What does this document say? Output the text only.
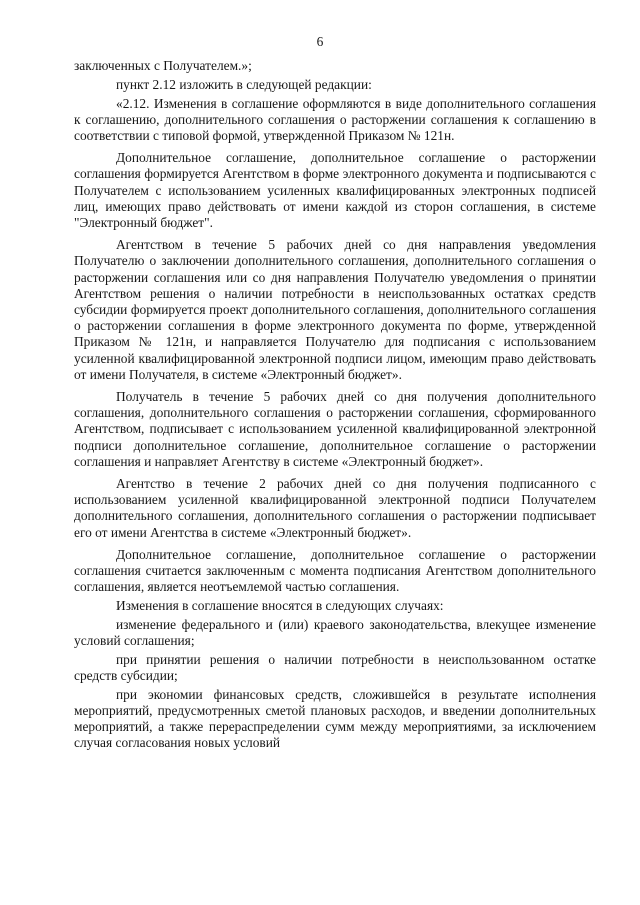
6

заключенных с Получателем.»;

пункт 2.12 изложить в следующей редакции:

«2.12. Изменения в соглашение оформляются в виде дополнительного соглашения к соглашению, дополнительного соглашения о расторжении соглашения к соглашению в соответствии с типовой формой, утвержденной Приказом № 121н.

Дополнительное соглашение, дополнительное соглашение о расторжении соглашения формируется Агентством в форме электронного документа и подписываются с Получателем с использованием усиленных квалифицированных электронных подписей лиц, имеющих право действовать от имени каждой из сторон соглашения, в системе "Электронный бюджет".

Агентством в течение 5 рабочих дней со дня направления уведомления Получателю о заключении дополнительного соглашения, дополнительного соглашения о расторжении соглашения или со дня направления Получателю уведомления о принятии Агентством решения о наличии потребности в неиспользованных остатках средств субсидии формируется проект дополнительного соглашения, дополнительного соглашения о расторжении соглашения в форме электронного документа по форме, утвержденной Приказом № 121н, и направляется Получателю для подписания с использованием усиленной квалифицированной электронной подписи лицом, имеющим право действовать от имени Получателя, в системе «Электронный бюджет».

Получатель в течение 5 рабочих дней со дня получения дополнительного соглашения, дополнительного соглашения о расторжении соглашения, сформированного Агентством, подписывает с использованием усиленной квалифицированной электронной подписи дополнительное соглашение, дополнительное соглашение о расторжении соглашения и направляет Агентству в системе «Электронный бюджет».

Агентство в течение 2 рабочих дней со дня получения подписанного с использованием усиленной квалифицированной электронной подписи Получателем дополнительного соглашения, дополнительного соглашения о расторжении подписывает его от имени Агентства в системе «Электронный бюджет».

Дополнительное соглашение, дополнительное соглашение о расторжении соглашения считается заключенным с момента подписания Агентством дополнительного соглашения, является неотъемлемой частью соглашения.

Изменения в соглашение вносятся в следующих случаях:

изменение федерального и (или) краевого законодательства, влекущее изменение условий соглашения;

при принятии решения о наличии потребности в неиспользованном остатке средств субсидии;

при экономии финансовых средств, сложившейся в результате исполнения мероприятий, предусмотренных сметой плановых расходов, и введении дополнительных мероприятий, а также перераспределении сумм между мероприятиями, за исключением случая согласования новых условий
